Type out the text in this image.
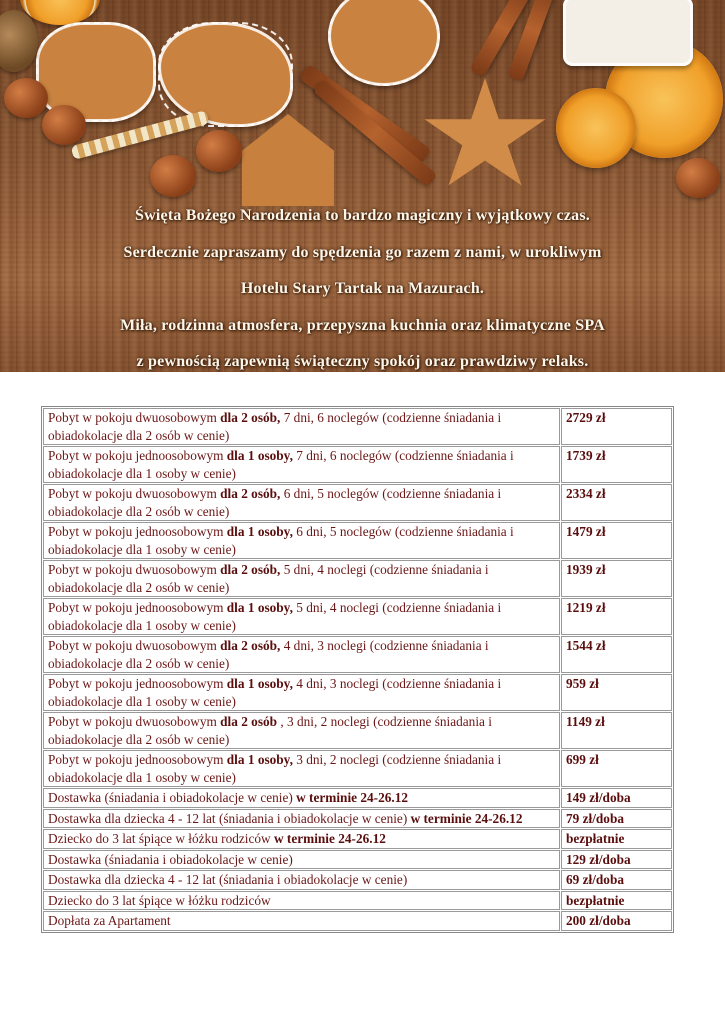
Święta Bożego Narodzenia to bardzo magiczny i wyjątkowy czas.
Serdecznie zapraszamy do spędzenia go razem z nami, w urokliwym
Hotelu Stary Tartak na Mazurach.
Miła, rodzinna atmosfera, przepyszna kuchnia oraz klimatyczne SPA
z pewnością zapewnią świąteczny spokój oraz prawdziwy relaks.
Pobyt w pokoju dwuosobowym dla 2 osób, 7 dni, 6 noclegów (codzienne śniadania i obiadokolacje dla 2 osób w cenie)	2729 zł
Pobyt w pokoju jednoosobowym dla 1 osoby, 7 dni, 6 noclegów (codzienne śniadania i obiadokolacje dla 1 osoby w cenie)	1739 zł
Pobyt w pokoju dwuosobowym dla 2 osób, 6 dni, 5 noclegów (codzienne śniadania i obiadokolacje dla 2 osób w cenie)	2334 zł
Pobyt w pokoju jednoosobowym dla 1 osoby, 6 dni, 5 noclegów (codzienne śniadania i obiadokolacje dla 1 osoby w cenie)	1479 zł
Pobyt w pokoju dwuosobowym dla 2 osób, 5 dni, 4 noclegi (codzienne śniadania i obiadokolacje dla 2 osób w cenie)	1939 zł
Pobyt w pokoju jednoosobowym dla 1 osoby, 5 dni, 4 noclegi (codzienne śniadania i obiadokolacje dla 1 osoby w cenie)	1219 zł
Pobyt w pokoju dwuosobowym dla 2 osób, 4 dni, 3 noclegi (codzienne śniadania i obiadokolacje dla 2 osób w cenie)	1544 zł
Pobyt w pokoju jednoosobowym dla 1 osoby, 4 dni, 3 noclegi (codzienne śniadania i obiadokolacje dla 1 osoby w cenie)	959 zł
Pobyt w pokoju dwuosobowym dla 2 osób , 3 dni, 2 noclegi (codzienne śniadania i obiadokolacje dla 2 osób w cenie)	1149 zł
Pobyt w pokoju jednoosobowym dla 1 osoby, 3 dni, 2 noclegi (codzienne śniadania i obiadokolacje dla 1 osoby w cenie)	699 zł
Dostawka (śniadania i obiadokolacje w cenie) w terminie 24-26.12	149 zł/doba
Dostawka dla dziecka 4 - 12 lat (śniadania i obiadokolacje w cenie) w terminie 24-26.12	79 zł/doba
Dziecko do 3 lat śpiące w łóżku rodziców w terminie 24-26.12	bezpłatnie
Dostawka (śniadania i obiadokolacje w cenie)	129 zł/doba
Dostawka dla dziecka 4 - 12 lat (śniadania i obiadokolacje w cenie)	69 zł/doba
Dziecko do 3 lat śpiące w łóżku rodziców	bezpłatnie
Dopłata za Apartament	200 zł/doba
